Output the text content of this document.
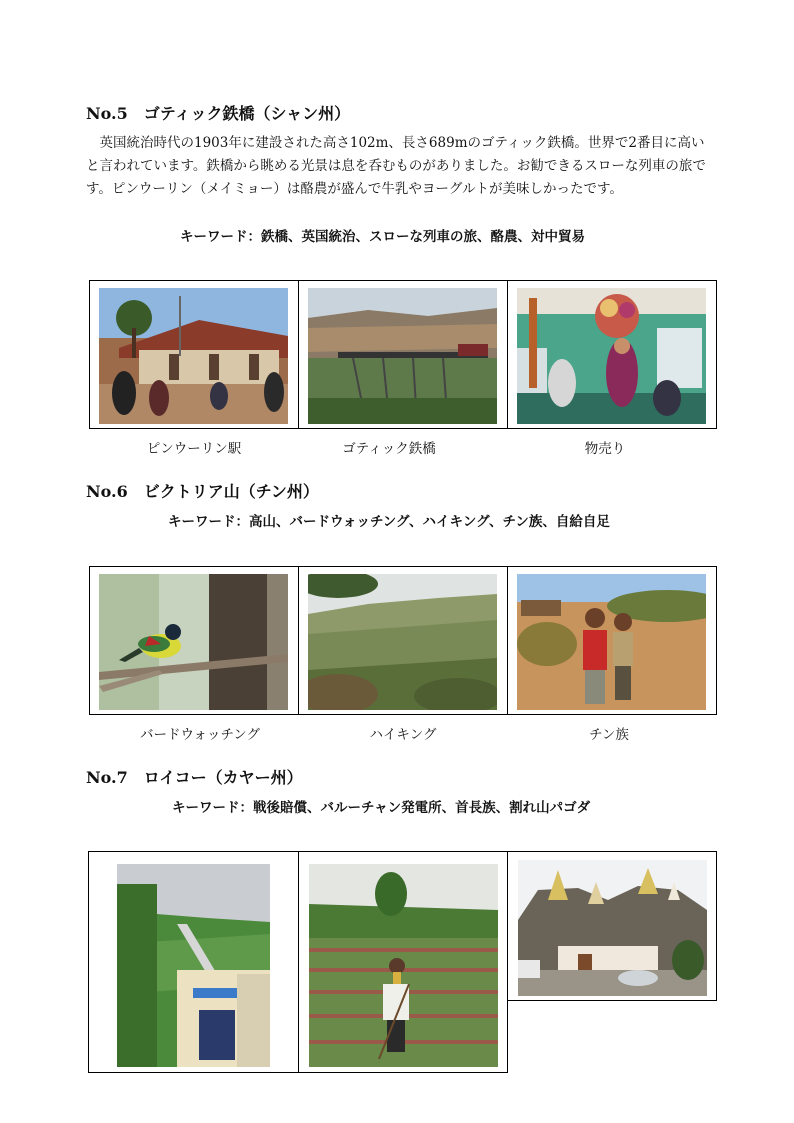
No.5　ゴティック鉄橋（シャン州）
　英国統治時代の1903年に建設された高さ102m、長さ689mのゴティック鉄橋。世界で2番目に高いと言われています。鉄橋から眺める光景は息を呑むものがありました。お勧できるスローな列車の旅です。ピンウーリン（メイミョー）は酪農が盛んで牛乳やヨーグルトが美味しかったです。
キーワード：鉄橋、英国統治、スローな列車の旅、酪農、対中貿易
ピンウーリン駅	ゴティック鉄橋	物売り
No.6　ビクトリア山（チン州）
キーワード：高山、バードウォッチング、ハイキング、チン族、自給自足
バードウォッチング	ハイキング	チン族
No.7　ロイコー（カヤー州）
キーワード：戦後賠償、バルーチャン発電所、首長族、割れ山パゴダ
